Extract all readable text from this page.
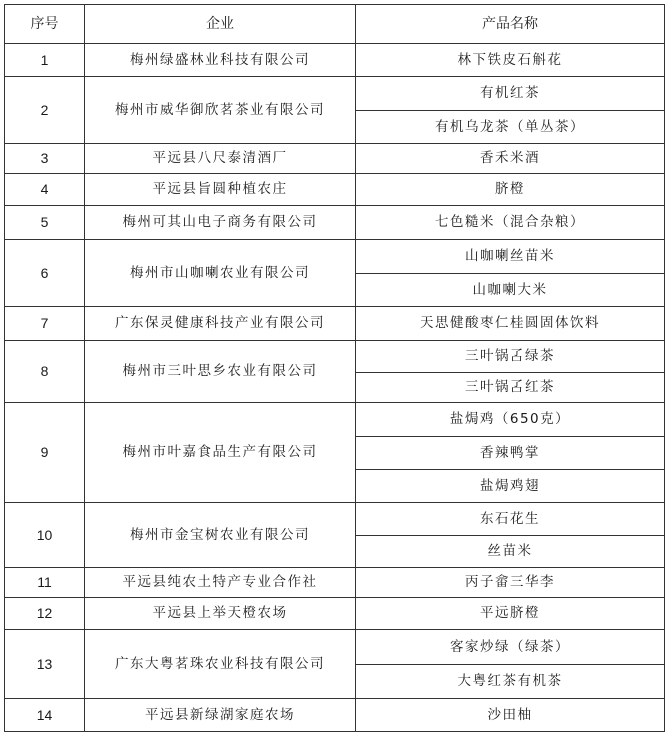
序号	企业	产品名称
1	梅州绿盛林业科技有限公司	林下铁皮石斛花
2	梅州市威华御欣茗茶业有限公司	有机红茶
		有机乌龙茶（单丛茶）
3	平远县八尺泰清酒厂	香禾米酒
4	平远县旨圆种植农庄	脐橙
5	梅州可其山电子商务有限公司	七色糙米（混合杂粮）
6	梅州市山咖喇农业有限公司	山咖喇丝苗米
		山咖喇大米
7	广东保灵健康科技产业有限公司	天思健酸枣仁桂圆固体饮料
8	梅州市三叶思乡农业有限公司	三叶锅叾绿茶
		三叶锅叾红茶
9	梅州市叶嘉食品生产有限公司	盐焗鸡（650克）
		香辣鸭掌
		盐焗鸡翅
10	梅州市金宝树农业有限公司	东石花生
		丝苗米
11	平远县纯农土特产专业合作社	丙子畲三华李
12	平远县上举天橙农场	平远脐橙
13	广东大粤茗珠农业科技有限公司	客家炒绿（绿茶）
		大粤红茶有机茶
14	平远县新绿湖家庭农场	沙田柚
